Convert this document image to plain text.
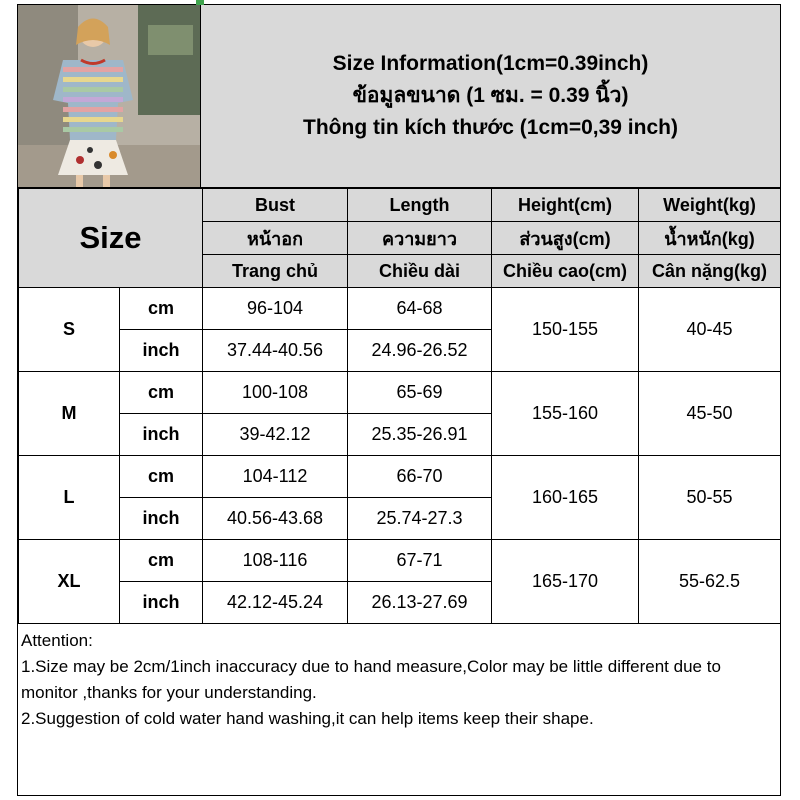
Size Information(1cm=0.39inch)
ข้อมูลขนาด (1 ซม. = 0.39 นิ้ว)
Thông tin kích thước (1cm=0,39 inch)
Size		Bust	Length	Height(cm)	Weight(kg)
		หน้าอก	ความยาว	ส่วนสูง(cm)	น้ำหนัก(kg)
		Trang chủ	Chiều dài	Chiều cao(cm)	Cân nặng(kg)
S	cm	96-104	64-68	150-155	40-45
	inch	37.44-40.56	24.96-26.52		
M	cm	100-108	65-69	155-160	45-50
	inch	39-42.12	25.35-26.91		
L	cm	104-112	66-70	160-165	50-55
	inch	40.56-43.68	25.74-27.3		
XL	cm	108-116	67-71	165-170	55-62.5
	inch	42.12-45.24	26.13-27.69		
Attention:
1.Size may be 2cm/1inch inaccuracy due to hand measure,Color may be little different due to monitor ,thanks for your understanding.
2.Suggestion of cold water hand washing,it can help items keep their shape.
